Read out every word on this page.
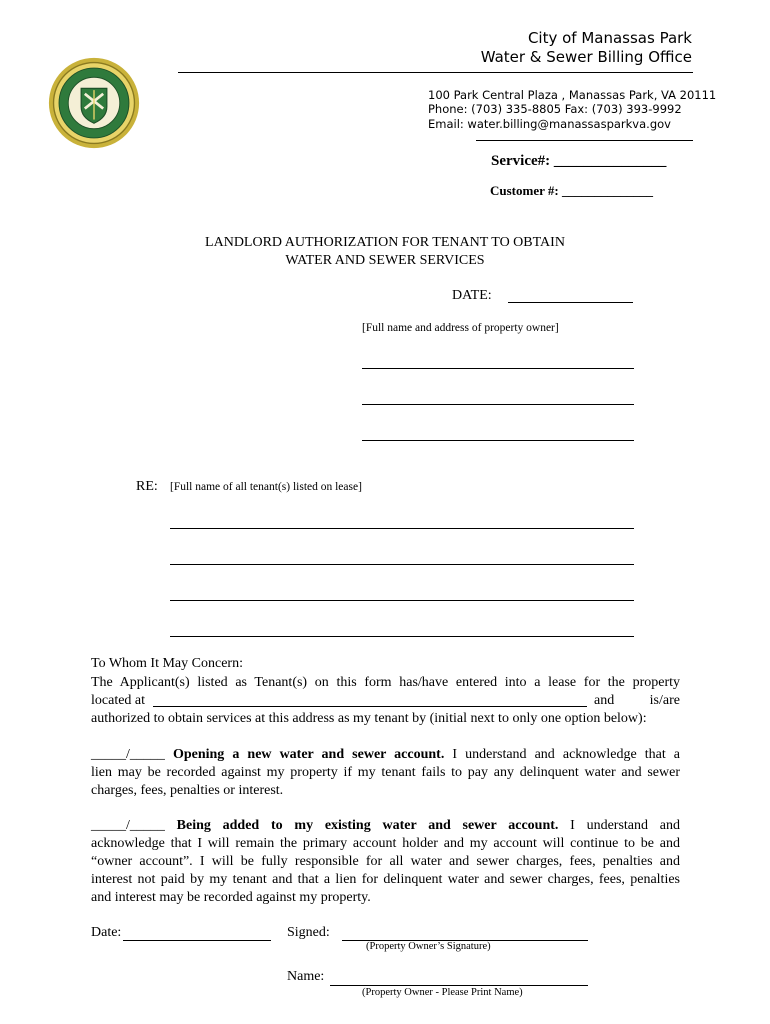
City of Manassas Park
Water & Sewer Billing Office
100 Park Central Plaza , Manassas Park, VA 20111
Phone: (703) 335-8805 Fax: (703) 393-9992
Email: water.billing@manassasparkva.gov
Service#: _______________
Customer #: ______________
LANDLORD AUTHORIZATION FOR TENANT TO OBTAIN
WATER AND SEWER SERVICES
DATE:
[Full name and address of property owner]
RE: [Full name of all tenant(s) listed on lease]
To Whom It May Concern:
The Applicant(s) listed as Tenant(s) on this form has/have entered into a lease for the property
located at	and	is/are
authorized to obtain services at this address as my tenant by (initial next to only one option below):
_____/_____ Opening a new water and sewer account. I understand and acknowledge that a
lien may be recorded against my property if my tenant fails to pay any delinquent water and sewer
charges, fees, penalties or interest.
_____/_____ Being added to my existing water and sewer account. I understand and
acknowledge that I will remain the primary account holder and my account will continue to be and
“owner account”. I will be fully responsible for all water and sewer charges, fees, penalties and
interest not paid by my tenant and that a lien for delinquent water and sewer charges, fees, penalties
and interest may be recorded against my property.
Date:	Signed:
(Property Owner’s Signature)
Name:
(Property Owner - Please Print Name)
